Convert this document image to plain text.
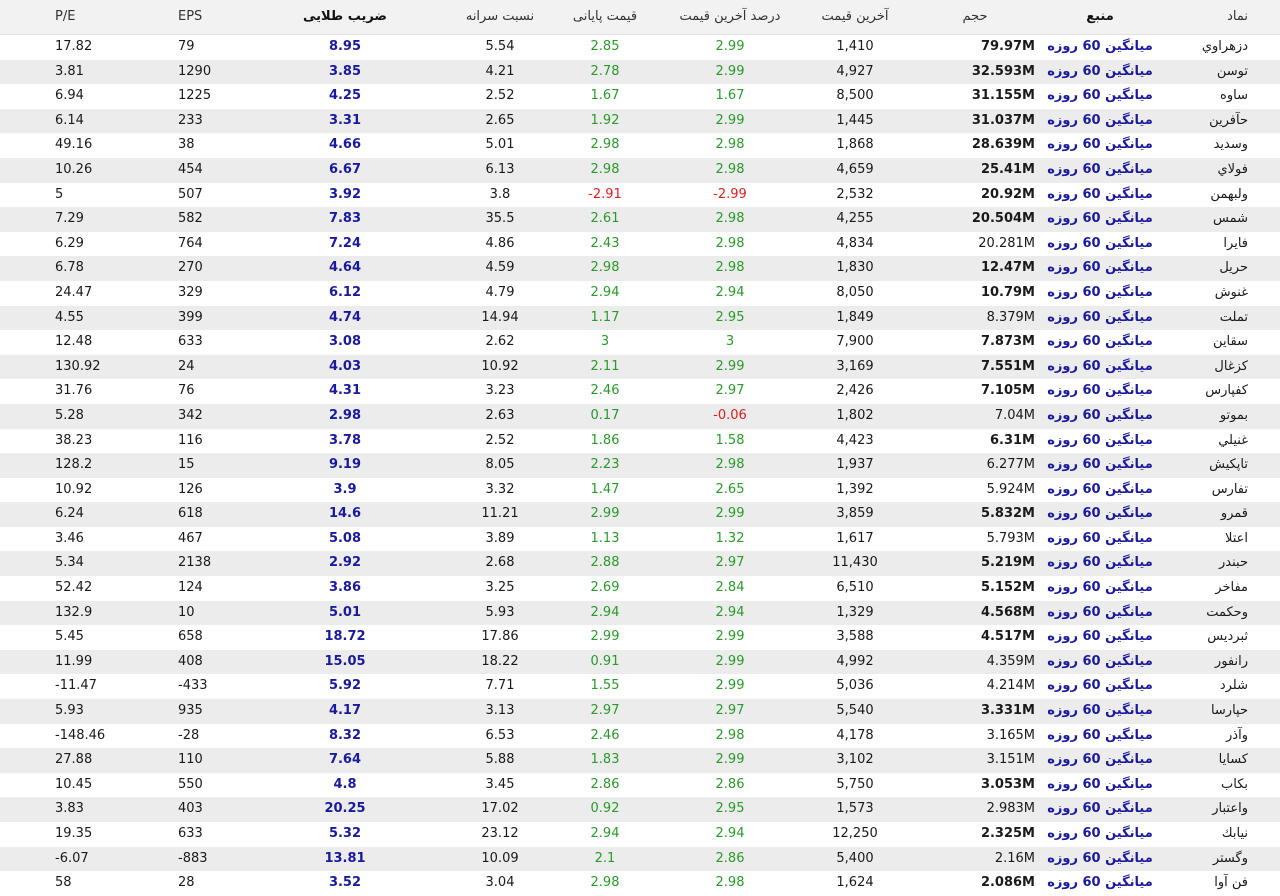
P/E	EPS	ضریب طلایی	نسبت سرانه	قیمت پایانی	درصد آخرین قیمت	آخرین قیمت	حجم	منبع	نماد
17.82	79	8.95	5.54	2.85	2.99	1,410	79.97M میانگین 60 روزه	دزهراوي
3.81	1290	3.85	4.21	2.78	2.99	4,927	32.593M میانگین 60 روزه	توسن
6.94	1225	4.25	2.52	1.67	1.67	8,500	31.155M میانگین 60 روزه	ساوه
6.14	233	3.31	2.65	1.92	2.99	1,445	31.037M میانگین 60 روزه	حآفرین
49.16	38	4.66	5.01	2.98	2.98	1,868	28.639M میانگین 60 روزه	وسدید
10.26	454	6.67	6.13	2.98	2.98	4,659	25.41M میانگین 60 روزه	فولاي
5	507	3.92	3.8	-2.91	-2.99	2,532	20.92M میانگین 60 روزه	ولبهمن
7.29	582	7.83	35.5	2.61	2.98	4,255	20.504M میانگین 60 روزه	شمس
6.29	764	7.24	4.86	2.43	2.98	4,834	20.281M میانگین 60 روزه	فايرا
6.78	270	4.64	4.59	2.98	2.98	1,830	12.47M میانگین 60 روزه	حريل
24.47	329	6.12	4.79	2.94	2.94	8,050	10.79M میانگین 60 روزه	غنوش
4.55	399	4.74	14.94	1.17	2.95	1,849	8.379M میانگین 60 روزه	تملت
12.48	633	3.08	2.62	3	3	7,900	7.873M میانگین 60 روزه	سقاين
130.92	24	4.03	10.92	2.11	2.99	3,169	7.551M میانگین 60 روزه	کزغال
31.76	76	4.31	3.23	2.46	2.97	2,426	7.105M میانگین 60 روزه	کفپارس
5.28	342	2.98	2.63	0.17	-0.06	1,802	7.04M میانگین 60 روزه	بموتو
38.23	116	3.78	2.52	1.86	1.58	4,423	6.31M میانگین 60 روزه	غنيلي
128.2	15	9.19	8.05	2.23	2.98	1,937	6.277M میانگین 60 روزه	تاپکیش
10.92	126	3.9	3.32	1.47	2.65	1,392	5.924M میانگین 60 روزه	تفارس
6.24	618	14.6	11.21	2.99	2.99	3,859	5.832M میانگین 60 روزه	قمرو
3.46	467	5.08	3.89	1.13	1.32	1,617	5.793M میانگین 60 روزه	اعتلا
5.34	2138	2.92	2.68	2.88	2.97	11,430	5.219M میانگین 60 روزه	حبندر
52.42	124	3.86	3.25	2.69	2.84	6,510	5.152M میانگین 60 روزه	مفاخر
132.9	10	5.01	5.93	2.94	2.94	1,329	4.568M میانگین 60 روزه	وحکمت
5.45	658	18.72	17.86	2.99	2.99	3,588	4.517M میانگین 60 روزه	ثبردیس
11.99	408	15.05	18.22	0.91	2.99	4,992	4.359M میانگین 60 روزه	رانفور
-11.47	-433	5.92	7.71	1.55	2.99	5,036	4.214M میانگین 60 روزه	شلرد
5.93	935	4.17	3.13	2.97	2.97	5,540	3.331M میانگین 60 روزه	حپارسا
-148.46	-28	8.32	6.53	2.46	2.98	4,178	3.165M میانگین 60 روزه	وآذر
27.88	110	7.64	5.88	1.83	2.99	3,102	3.151M میانگین 60 روزه	کسایا
10.45	550	4.8	3.45	2.86	2.86	5,750	3.053M میانگین 60 روزه	بکاب
3.83	403	20.25	17.02	0.92	2.95	1,573	2.983M میانگین 60 روزه	واعتبار
19.35	633	5.32	23.12	2.94	2.94	12,250	2.325M میانگین 60 روزه	نیابك
-6.07	-883	13.81	10.09	2.1	2.86	5,400	2.16M میانگین 60 روزه	وگستر
58	28	3.52	3.04	2.98	2.98	1,624	2.086M میانگین 60 روزه	فن آوا
